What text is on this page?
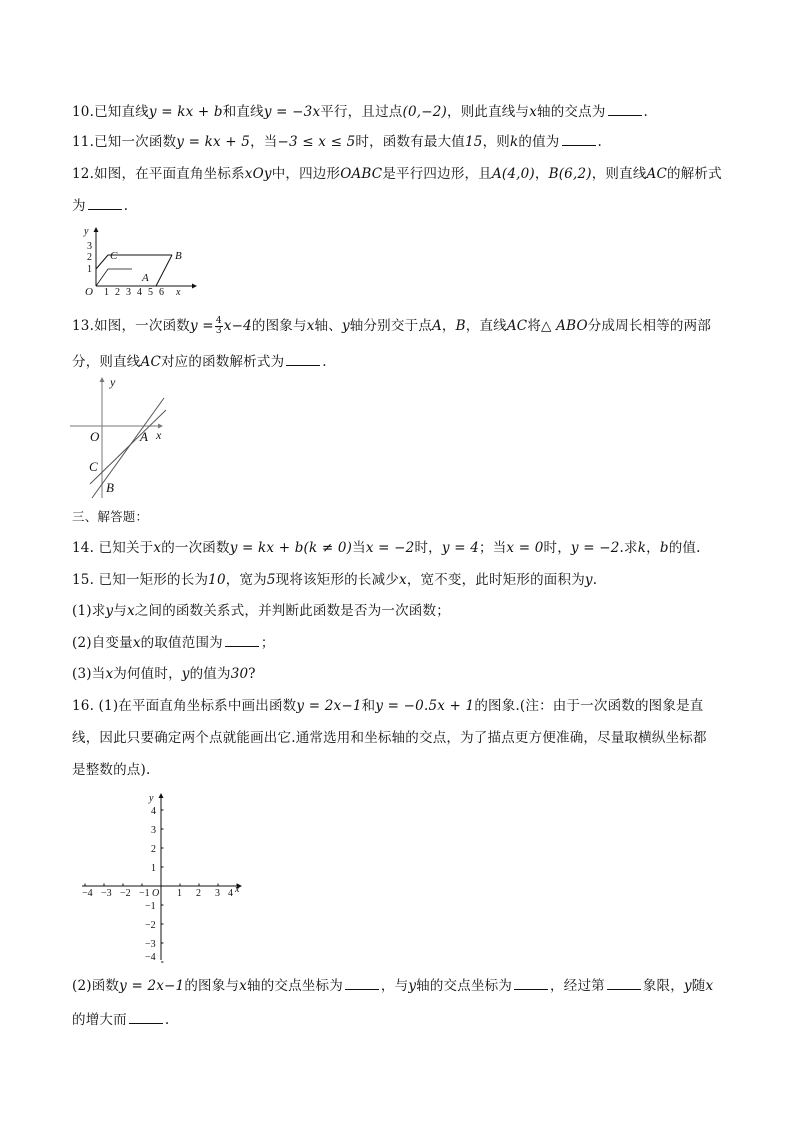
10.已知直线y = kx + b和直线y = −3x平行，且过点(0,−2)，则此直线与x轴的交点为	.
11.已知一次函数y = kx + 5，当−3 ≤ x ≤ 5时，函数有最大值15，则k的值为	.
12.如图，在平面直角坐标系xOy中，四边形OABC是平行四边形，且A(4,0)，B(6,2)，则直线AC的解析式
为	.
y
3
2
1
O 1 2 3 4 5 6 x
C	B
A
13.如图，一次函数$y = \frac{4}{3} x-4$的图象与x轴、y轴分别交于点A，B，直线AC将△ ABO分成周长相等的两部
分，则直线AC对应的函数解析式为	.
y
O	A x
C
B
三、解答题：
14. 已知关于x的一次函数y = kx + b(k ≠ 0)当x = −2时，y = 4；当x = 0时，y = −2.求k，b的值.
15. 已知一矩形的长为10，宽为5现将该矩形的长减少x，宽不变，此时矩形的面积为y.
(1)求y与x之间的函数关系式，并判断此函数是否为一次函数；
(2)自变量x的取值范围为	；
(3)当x为何值时，y的值为30?
16. (1)在平面直角坐标系中画出函数y = 2x−1和y = −0.5x + 1的图象.(注：由于一次函数的图象是直
线，因此只要确定两个点就能画出它.通常选用和坐标轴的交点，为了描点更方便准确，尽量取横纵坐标都
是整数的点).
y
x
O
−4 −3 −2 −1	1 2 3 4
4
3
2
1
−1
−2
−3
−4
(2)函数y = 2x−1的图象与x轴的交点坐标为	，与y轴的交点坐标为	，经过第	象限，y随x
的增大而	.
